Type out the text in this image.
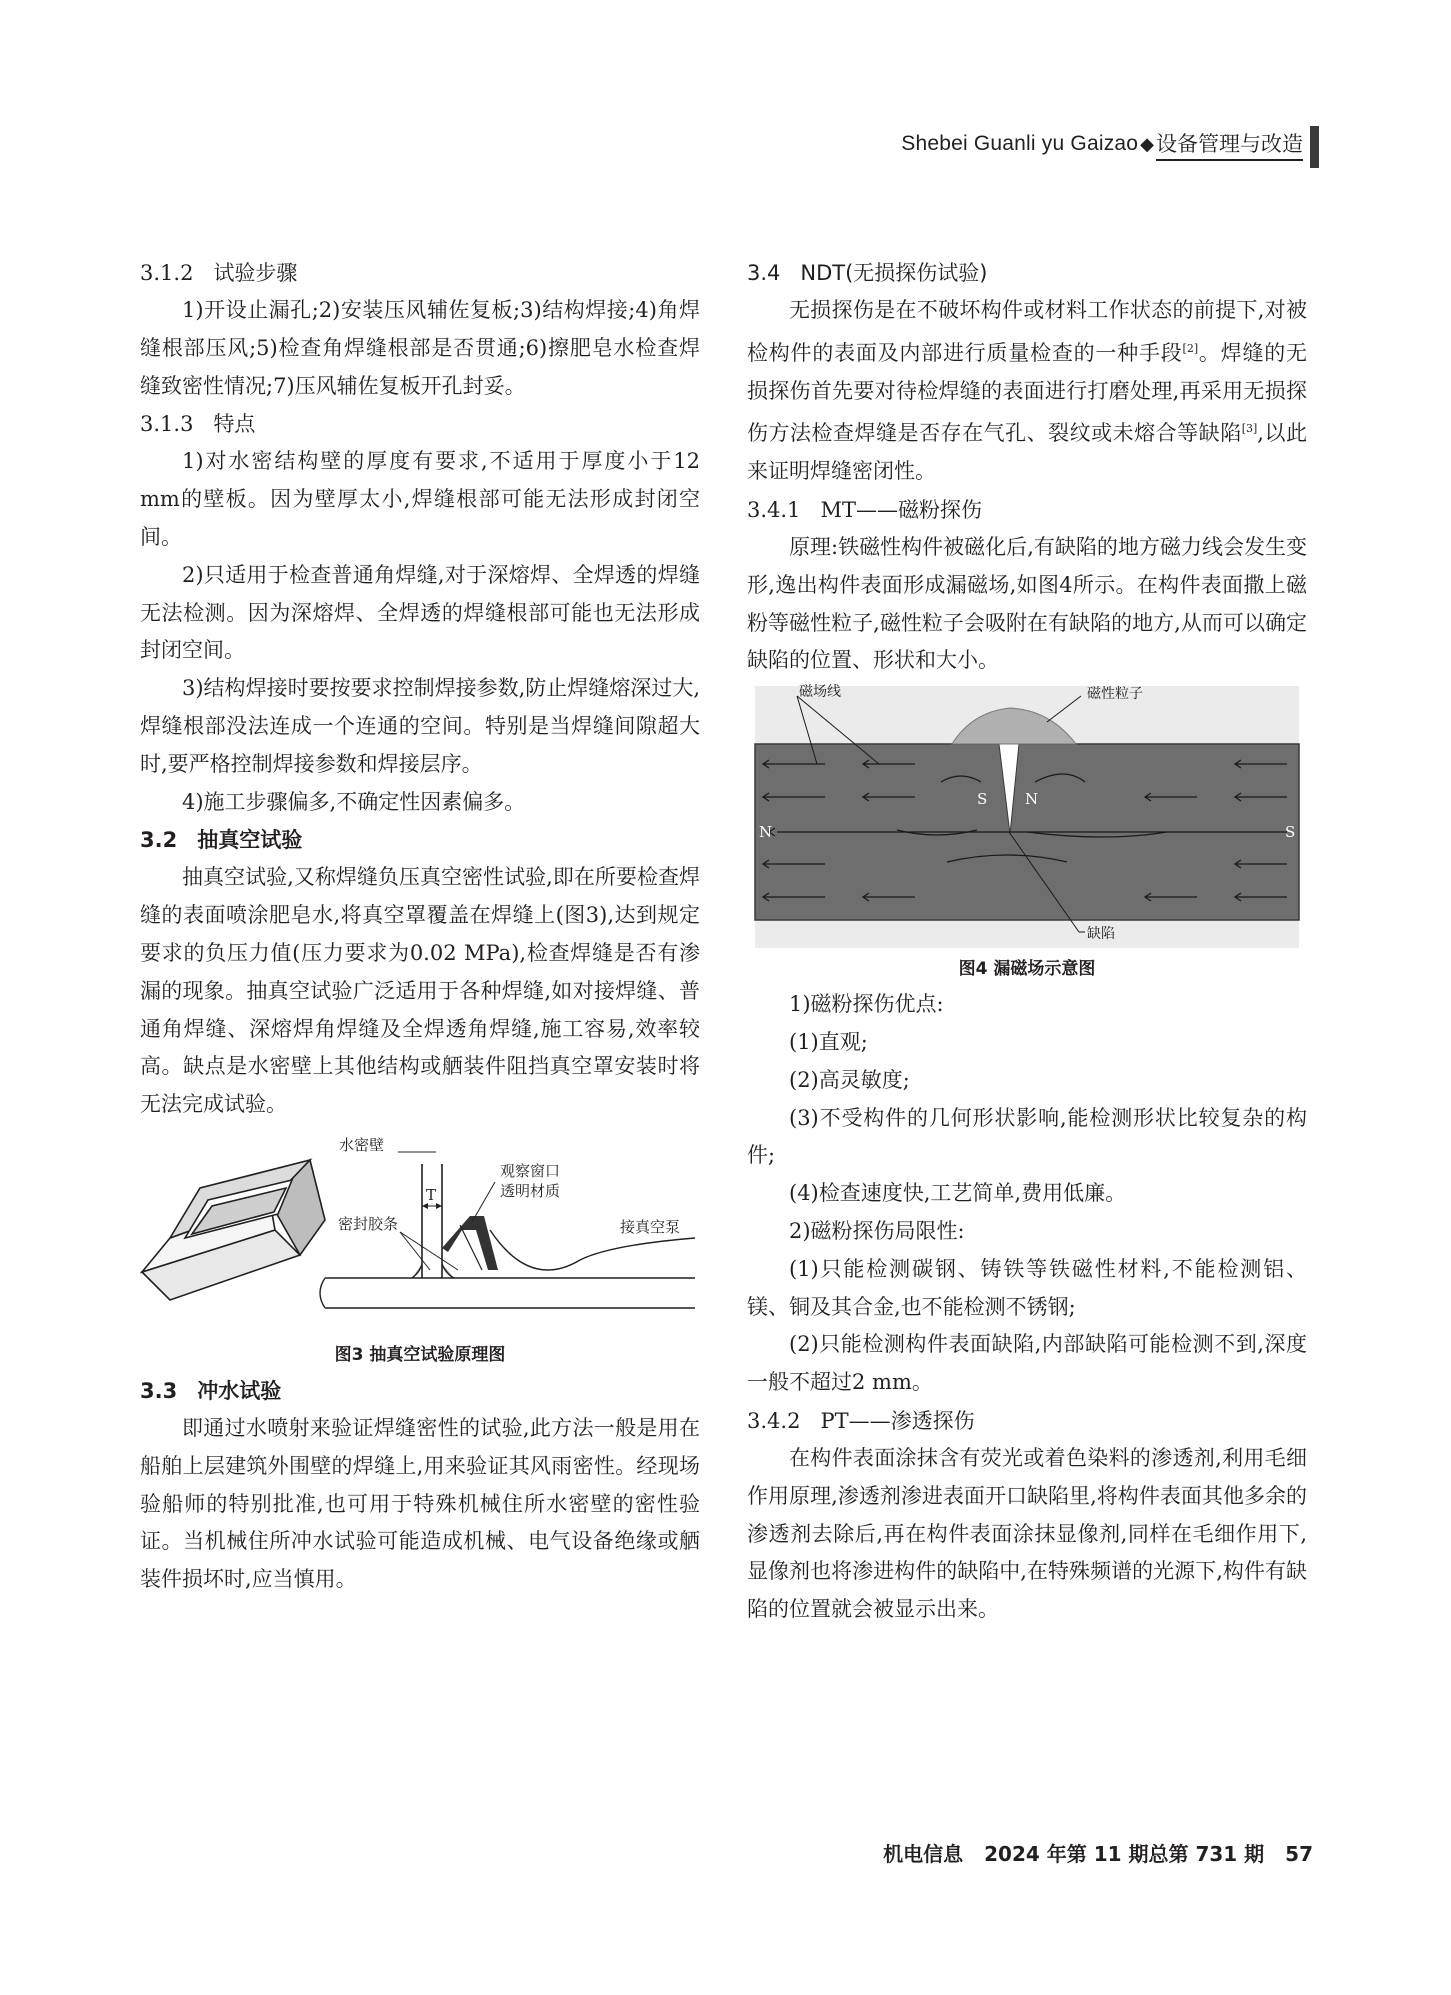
Shebei Guanli yu Gaizao ◆ 设备管理与改造
3.1.2 试验步骤

1)开设止漏孔;2)安装压风辅佐复板;3)结构焊接;4)角焊缝根部压风;5)检查角焊缝根部是否贯通;6)擦肥皂水检查焊缝致密性情况;7)压风辅佐复板开孔封妥。

3.1.3 特点

1)对水密结构壁的厚度有要求,不适用于厚度小于12 mm的壁板。因为壁厚太小,焊缝根部可能无法形成封闭空间。

2)只适用于检查普通角焊缝,对于深熔焊、全焊透的焊缝无法检测。因为深熔焊、全焊透的焊缝根部可能也无法形成封闭空间。

3)结构焊接时要按要求控制焊接参数,防止焊缝熔深过大,焊缝根部没法连成一个连通的空间。特别是当焊缝间隙超大时,要严格控制焊接参数和焊接层序。

4)施工步骤偏多,不确定性因素偏多。

3.2 抽真空试验

抽真空试验,又称焊缝负压真空密性试验,即在所要检查焊缝的表面喷涂肥皂水,将真空罩覆盖在焊缝上(图3),达到规定要求的负压力值(压力要求为0.02 MPa),检查焊缝是否有渗漏的现象。抽真空试验广泛适用于各种焊缝,如对接焊缝、普通角焊缝、深熔焊角焊缝及全焊透角焊缝,施工容易,效率较高。缺点是水密壁上其他结构或舾装件阻挡真空罩安装时将无法完成试验。

T
密封胶条
水密壁
观察窗口
透明材质
接真空泵

图3 抽真空试验原理图

3.3 冲水试验

即通过水喷射来验证焊缝密性的试验,此方法一般是用在船舶上层建筑外围壁的焊缝上,用来验证其风雨密性。经现场验船师的特别批准,也可用于特殊机械住所水密壁的密性验证。当机械住所冲水试验可能造成机械、电气设备绝缘或舾装件损坏时,应当慎用。

3.4 NDT(无损探伤试验)

无损探伤是在不破坏构件或材料工作状态的前提下,对被检构件的表面及内部进行质量检查的一种手段[2]。焊缝的无损探伤首先要对待检焊缝的表面进行打磨处理,再采用无损探伤方法检查焊缝是否存在气孔、裂纹或未熔合等缺陷[3],以此来证明焊缝密闭性。

3.4.1 MT——磁粉探伤

原理:铁磁性构件被磁化后,有缺陷的地方磁力线会发生变形,逸出构件表面形成漏磁场,如图4所示。在构件表面撒上磁粉等磁性粒子,磁性粒子会吸附在有缺陷的地方,从而可以确定缺陷的位置、形状和大小。

磁场线	磁性粒子
S	N
N	S
缺陷

图4 漏磁场示意图

1)磁粉探伤优点:

(1)直观;

(2)高灵敏度;

(3)不受构件的几何形状影响,能检测形状比较复杂的构件;

(4)检查速度快,工艺简单,费用低廉。

2)磁粉探伤局限性:

(1)只能检测碳钢、铸铁等铁磁性材料,不能检测铝、镁、铜及其合金,也不能检测不锈钢;

(2)只能检测构件表面缺陷,内部缺陷可能检测不到,深度一般不超过2 mm。

3.4.2 PT——渗透探伤

在构件表面涂抹含有荧光或着色染料的渗透剂,利用毛细作用原理,渗透剂渗进表面开口缺陷里,将构件表面其他多余的渗透剂去除后,再在构件表面涂抹显像剂,同样在毛细作用下,显像剂也将渗进构件的缺陷中,在特殊频谱的光源下,构件有缺陷的位置就会被显示出来。

机电信息 2024 年第 11 期总第 731 期 57
